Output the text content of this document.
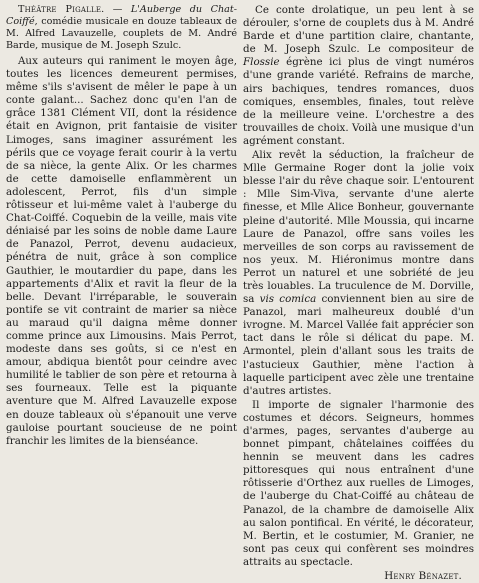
Théâtre Pigalle. — L'Auberge du Chat-Coiffé, comédie musicale en douze tableaux de M. Alfred Lavauzelle, couplets de M. André Barde, musique de M. Joseph Szulc.

Aux auteurs qui raniment le moyen âge, toutes les licences demeurent permises, même s'ils s'avisent de mêler le pape à un conte galant... Sachez donc qu'en l'an de grâce 1381 Clément VII, dont la résidence était en Avignon, prit fantaisie de visiter Limoges, sans imaginer assurément les périls que ce voyage ferait courir à la vertu de sa nièce, la gente Alix. Or les charmes de cette damoiselle enflammèrent un adolescent, Perrot, fils d'un simple rôtisseur et lui-même valet à l'auberge du Chat-Coiffé. Coquebin de la veille, mais vite déniaisé par les soins de noble dame Laure de Panazol, Perrot, devenu audacieux, pénétra de nuit, grâce à son complice Gauthier, le moutardier du pape, dans les appartements d'Alix et ravit la fleur de la belle. Devant l'irréparable, le souverain pontife se vit contraint de marier sa nièce au maraud qu'il daigna même donner comme prince aux Limousins. Mais Perrot, modeste dans ses goûts, si ce n'est en amour, abdiqua bientôt pour ceindre avec humilité le tablier de son père et retourna à ses fourneaux. Telle est la piquante aventure que M. Alfred Lavauzelle expose en douze tableaux où s'épanouit une verve gauloise pourtant soucieuse de ne point franchir les limites de la bienséance.

Ce conte drolatique, un peu lent à se dérouler, s'orne de couplets dus à M. André Barde et d'une partition claire, chantante, de M. Joseph Szulc. Le compositeur de Flossie égrène ici plus de vingt numéros d'une grande variété. Refrains de marche, airs bachiques, tendres romances, duos comiques, ensembles, finales, tout relève de la meilleure veine. L'orchestre a des trouvailles de choix. Voilà une musique d'un agrément constant.

Alix revêt la séduction, la fraîcheur de Mlle Germaine Roger dont la jolie voix blesse l'air du rêve chaque soir. L'entourent : Mlle Sim-Viva, servante d'une alerte finesse, et Mlle Alice Bonheur, gouvernante pleine d'autorité. Mlle Moussia, qui incarne Laure de Panazol, offre sans voiles les merveilles de son corps au ravissement de nos yeux. M. Hiéronimus montre dans Perrot un naturel et une sobriété de jeu très louables. La truculence de M. Dorville, sa vis comica conviennent bien au sire de Panazol, mari malheureux doublé d'un ivrogne. M. Marcel Vallée fait apprécier son tact dans le rôle si délicat du pape. M. Armontel, plein d'allant sous les traits de l'astucieux Gauthier, mène l'action à laquelle participent avec zèle une trentaine d'autres artistes.

Il importe de signaler l'harmonie des costumes et décors. Seigneurs, hommes d'armes, pages, servantes d'auberge au bonnet pimpant, châtelaines coiffées du hennin se meuvent dans les cadres pittoresques qui nous entraînent d'une rôtisserie d'Orthez aux ruelles de Limoges, de l'auberge du Chat-Coiffé au château de Panazol, de la chambre de damoiselle Alix au salon pontifical. En vérité, le décorateur, M. Bertin, et le costumier, M. Granier, ne sont pas ceux qui confèrent ses moindres attraits au spectacle.

Henry Bénazet.
